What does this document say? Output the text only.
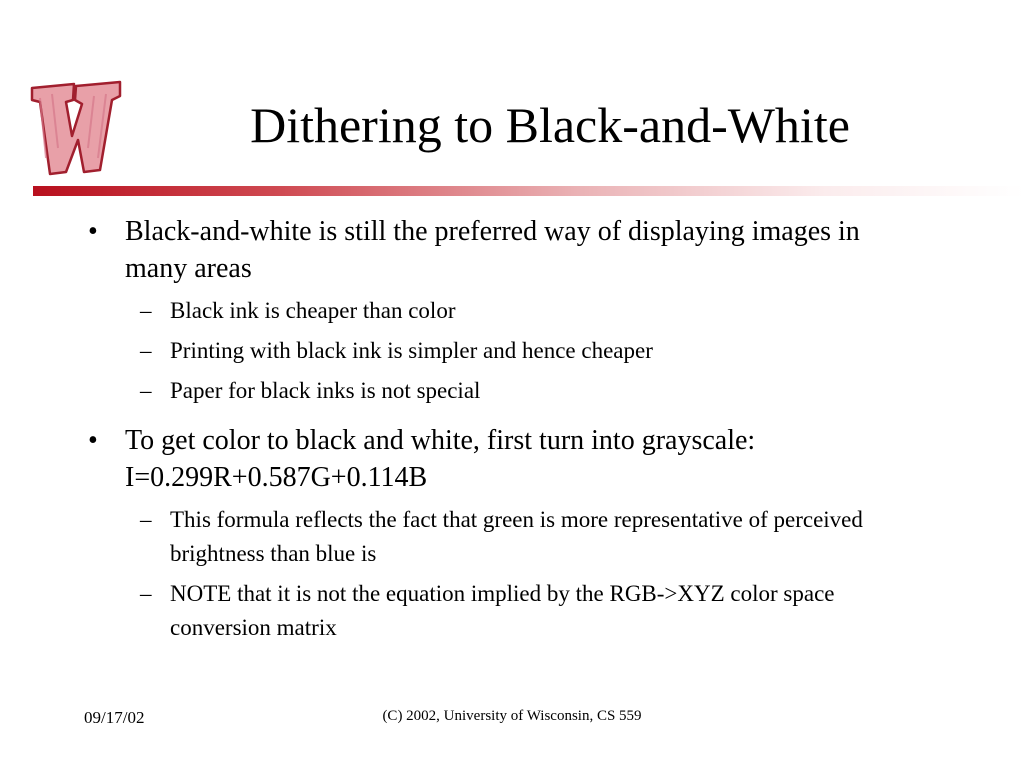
Dithering to Black-and-White
• Black-and-white is still the preferred way of displaying images in many areas
– Black ink is cheaper than color
– Printing with black ink is simpler and hence cheaper
– Paper for black inks is not special
• To get color to black and white, first turn into grayscale: I=0.299R+0.587G+0.114B
– This formula reflects the fact that green is more representative of perceived brightness than blue is
– NOTE that it is not the equation implied by the RGB->XYZ color space conversion matrix
09/17/02	(C) 2002, University of Wisconsin, CS 559
